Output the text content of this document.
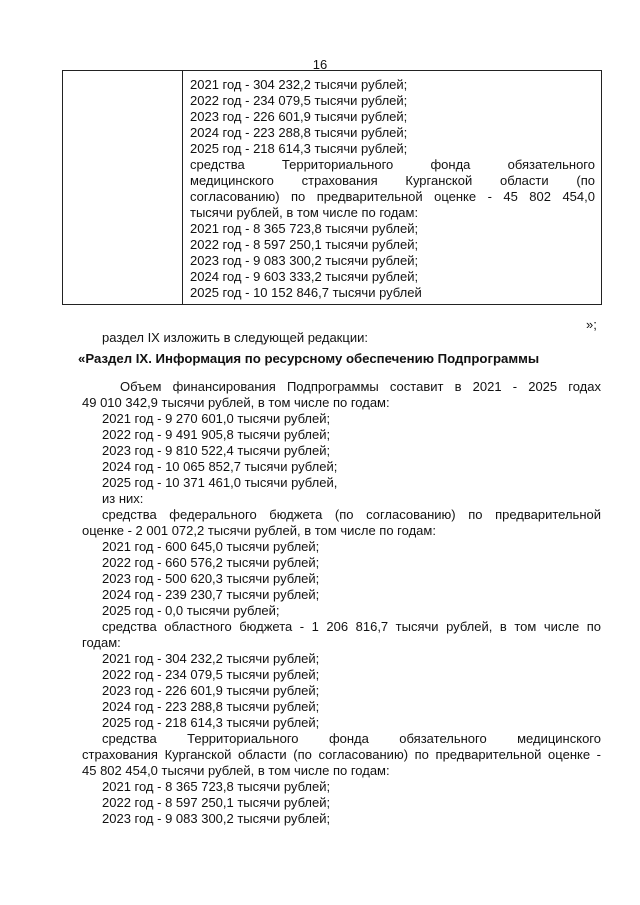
16

2021 год - 304 232,2 тысячи рублей;
2022 год - 234 079,5 тысячи рублей;
2023 год - 226 601,9 тысячи рублей;
2024 год - 223 288,8 тысячи рублей;
2025 год - 218 614,3 тысячи рублей;
средства Территориального фонда обязательного
медицинского страхования Курганской области (по
согласованию) по предварительной оценке - 45 802 454,0
тысячи рублей, в том числе по годам:
2021 год - 8 365 723,8 тысячи рублей;
2022 год - 8 597 250,1 тысячи рублей;
2023 год - 9 083 300,2 тысячи рублей;
2024 год - 9 603 333,2 тысячи рублей;
2025 год - 10 152 846,7 тысячи рублей
»;
раздел IX изложить в следующей редакции:
«Раздел IX. Информация по ресурсному обеспечению Подпрограммы
Объем финансирования Подпрограммы составит в 2021 - 2025 годах
49 010 342,9 тысячи рублей, в том числе по годам:
2021 год - 9 270 601,0 тысячи рублей;
2022 год - 9 491 905,8 тысячи рублей;
2023 год - 9 810 522,4 тысячи рублей;
2024 год - 10 065 852,7 тысячи рублей;
2025 год - 10 371 461,0 тысячи рублей,
из них:
средства федерального бюджета (по согласованию) по предварительной
оценке - 2 001 072,2 тысячи рублей, в том числе по годам:
2021 год - 600 645,0 тысячи рублей;
2022 год - 660 576,2 тысячи рублей;
2023 год - 500 620,3 тысячи рублей;
2024 год - 239 230,7 тысячи рублей;
2025 год - 0,0 тысячи рублей;
средства областного бюджета - 1 206 816,7 тысячи рублей, в том числе по
годам:
2021 год - 304 232,2 тысячи рублей;
2022 год - 234 079,5 тысячи рублей;
2023 год - 226 601,9 тысячи рублей;
2024 год - 223 288,8 тысячи рублей;
2025 год - 218 614,3 тысячи рублей;
средства Территориального фонда обязательного медицинского
страхования Курганской области (по согласованию) по предварительной оценке -
45 802 454,0 тысячи рублей, в том числе по годам:
2021 год - 8 365 723,8 тысячи рублей;
2022 год - 8 597 250,1 тысячи рублей;
2023 год - 9 083 300,2 тысячи рублей;
